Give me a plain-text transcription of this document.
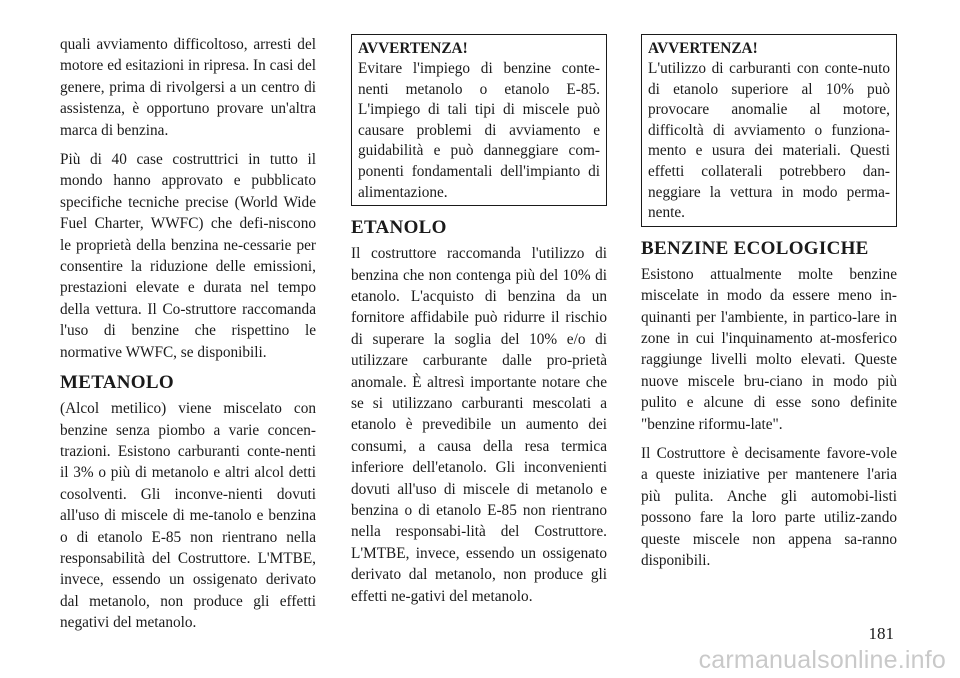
quali avviamento difficoltoso, arresti del motore ed esitazioni in ripresa. In casi del genere, prima di rivolgersi a un centro di assistenza, è opportuno provare un'altra marca di benzina.

Più di 40 case costruttrici in tutto il mondo hanno approvato e pubblicato specifiche tecniche precise (World Wide Fuel Charter, WWFC) che defi-niscono le proprietà della benzina ne-cessarie per consentire la riduzione delle emissioni, prestazioni elevate e durata nel tempo della vettura. Il Co-struttore raccomanda l'uso di benzine che rispettino le normative WWFC, se disponibili.

METANOLO

(Alcol metilico) viene miscelato con benzine senza piombo a varie concen-trazioni. Esistono carburanti conte-nenti il 3% o più di metanolo e altri alcol detti cosolventi. Gli inconve-nienti dovuti all'uso di miscele di me-tanolo e benzina o di etanolo E-85 non rientrano nella responsabilità del Costruttore. L'MTBE, invece, essendo un ossigenato derivato dal metanolo, non produce gli effetti negativi del metanolo.

AVVERTENZA!

Evitare l'impiego di benzine conte-nenti metanolo o etanolo E-85. L'impiego di tali tipi di miscele può causare problemi di avviamento e guidabilità e può danneggiare com-ponenti fondamentali dell'impianto di alimentazione.

ETANOLO

Il costruttore raccomanda l'utilizzo di benzina che non contenga più del 10% di etanolo. L'acquisto di benzina da un fornitore affidabile può ridurre il rischio di superare la soglia del 10% e/o di utilizzare carburante dalle pro-prietà anomale. È altresì importante notare che se si utilizzano carburanti mescolati a etanolo è prevedibile un aumento dei consumi, a causa della resa termica inferiore dell'etanolo. Gli inconvenienti dovuti all'uso di miscele di metanolo e benzina o di etanolo E-85 non rientrano nella responsabi-lità del Costruttore. L'MTBE, invece, essendo un ossigenato derivato dal metanolo, non produce gli effetti ne-gativi del metanolo.

AVVERTENZA!

L'utilizzo di carburanti con conte-nuto di etanolo superiore al 10% può provocare anomalie al motore, difficoltà di avviamento o funziona-mento e usura dei materiali. Questi effetti collaterali potrebbero dan-neggiare la vettura in modo perma-nente.

BENZINE ECOLOGICHE

Esistono attualmente molte benzine miscelate in modo da essere meno in-quinanti per l'ambiente, in partico-lare in zone in cui l'inquinamento at-mosferico raggiunge livelli molto elevati. Queste nuove miscele bru-ciano in modo più pulito e alcune di esse sono definite "benzine riformu-late".

Il Costruttore è decisamente favore-vole a queste iniziative per mantenere l'aria più pulita. Anche gli automobi-listi possono fare la loro parte utiliz-zando queste miscele non appena sa-ranno disponibili.

181
carmanualsonline.info
